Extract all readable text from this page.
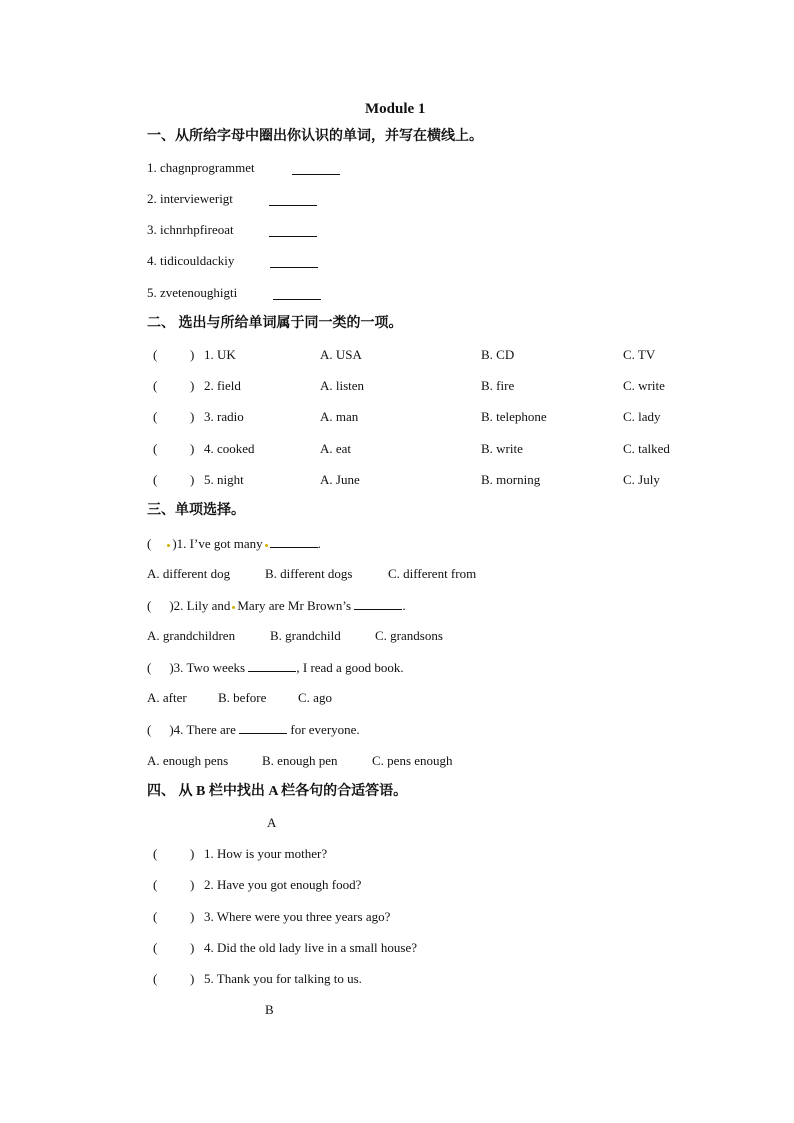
Module 1
一、从所给字母中圈出你认识的单词，并写在横线上。
1. chagnprogrammet
2. interviewerigt
3. ichnrhpfireoat
4. tidicouldackiy
5. zvetenoughigti
二、 选出与所给单词属于同一类的一项。
(	) 1. UK	A. USA	B. CD	C. TV
(	) 2. field	A. listen	B. fire	C. write
(	) 3. radio	A. man	B. telephone	C. lady
(	) 4. cooked	A. eat	B. write	C. talked
(	) 5. night	A. June	B. morning	C. July
三、单项选择。
( )1. I’ve got many	.
A. different dog	B. different dogs	C. different from
( )2. Lily and Mary are Mr Brown’s	.
A. grandchildren	B. grandchild	C. grandsons
( )3. Two weeks	, I read a good book.
A. after B. before C. ago
( )4. There are	for everyone.
A. enough pens	B. enough pen	C. pens enough
四、 从 B 栏中找出 A 栏各句的合适答语。
A
(	) 1. How is your mother?
(	) 2. Have you got enough food?
(	) 3. Where were you three years ago?
(	) 4. Did the old lady live in a small house?
(	) 5. Thank you for talking to us.
B
